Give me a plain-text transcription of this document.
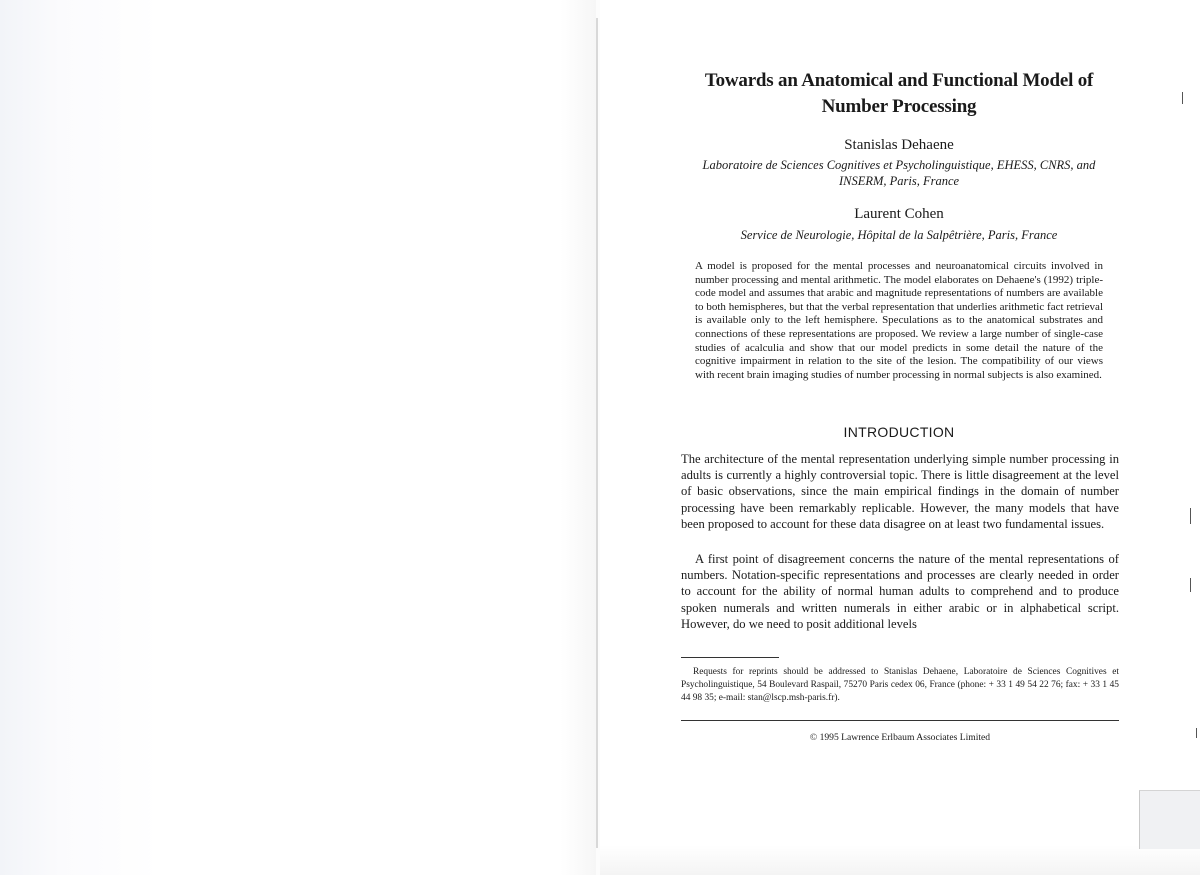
Towards an Anatomical and Functional Model of
Number Processing
Stanislas Dehaene
Laboratoire de Sciences Cognitives et Psycholinguistique, EHESS, CNRS, and
INSERM, Paris, France
Laurent Cohen
Service de Neurologie, Hôpital de la Salpêtrière, Paris, France
A model is proposed for the mental processes and neuroanatomical circuits involved in number processing and mental arithmetic. The model elaborates on Dehaene's (1992) triple-code model and assumes that arabic and magnitude representations of numbers are available to both hemispheres, but that the verbal representation that underlies arithmetic fact retrieval is available only to the left hemisphere. Speculations as to the anatomical substrates and connections of these representations are proposed. We review a large number of single-case studies of acalculia and show that our model predicts in some detail the nature of the cognitive impairment in relation to the site of the lesion. The compatibility of our views with recent brain imaging studies of number processing in normal subjects is also examined.
INTRODUCTION

The architecture of the mental representation underlying simple number processing in adults is currently a highly controversial topic. There is little disagreement at the level of basic observations, since the main empirical findings in the domain of number processing have been remarkably replicable. However, the many models that have been proposed to account for these data disagree on at least two fundamental issues.

A first point of disagreement concerns the nature of the mental representations of numbers. Notation-specific representations and processes are clearly needed in order to account for the ability of normal human adults to comprehend and to produce spoken numerals and written numerals in either arabic or in alphabetical script. However, do we need to posit additional levels

Requests for reprints should be addressed to Stanislas Dehaene, Laboratoire de Sciences Cognitives et Psycholinguistique, 54 Boulevard Raspail, 75270 Paris cedex 06, France (phone: + 33 1 49 54 22 76; fax: + 33 1 45 44 98 35; e-mail: stan@lscp.msh-paris.fr).
© 1995 Lawrence Erlbaum Associates Limited
